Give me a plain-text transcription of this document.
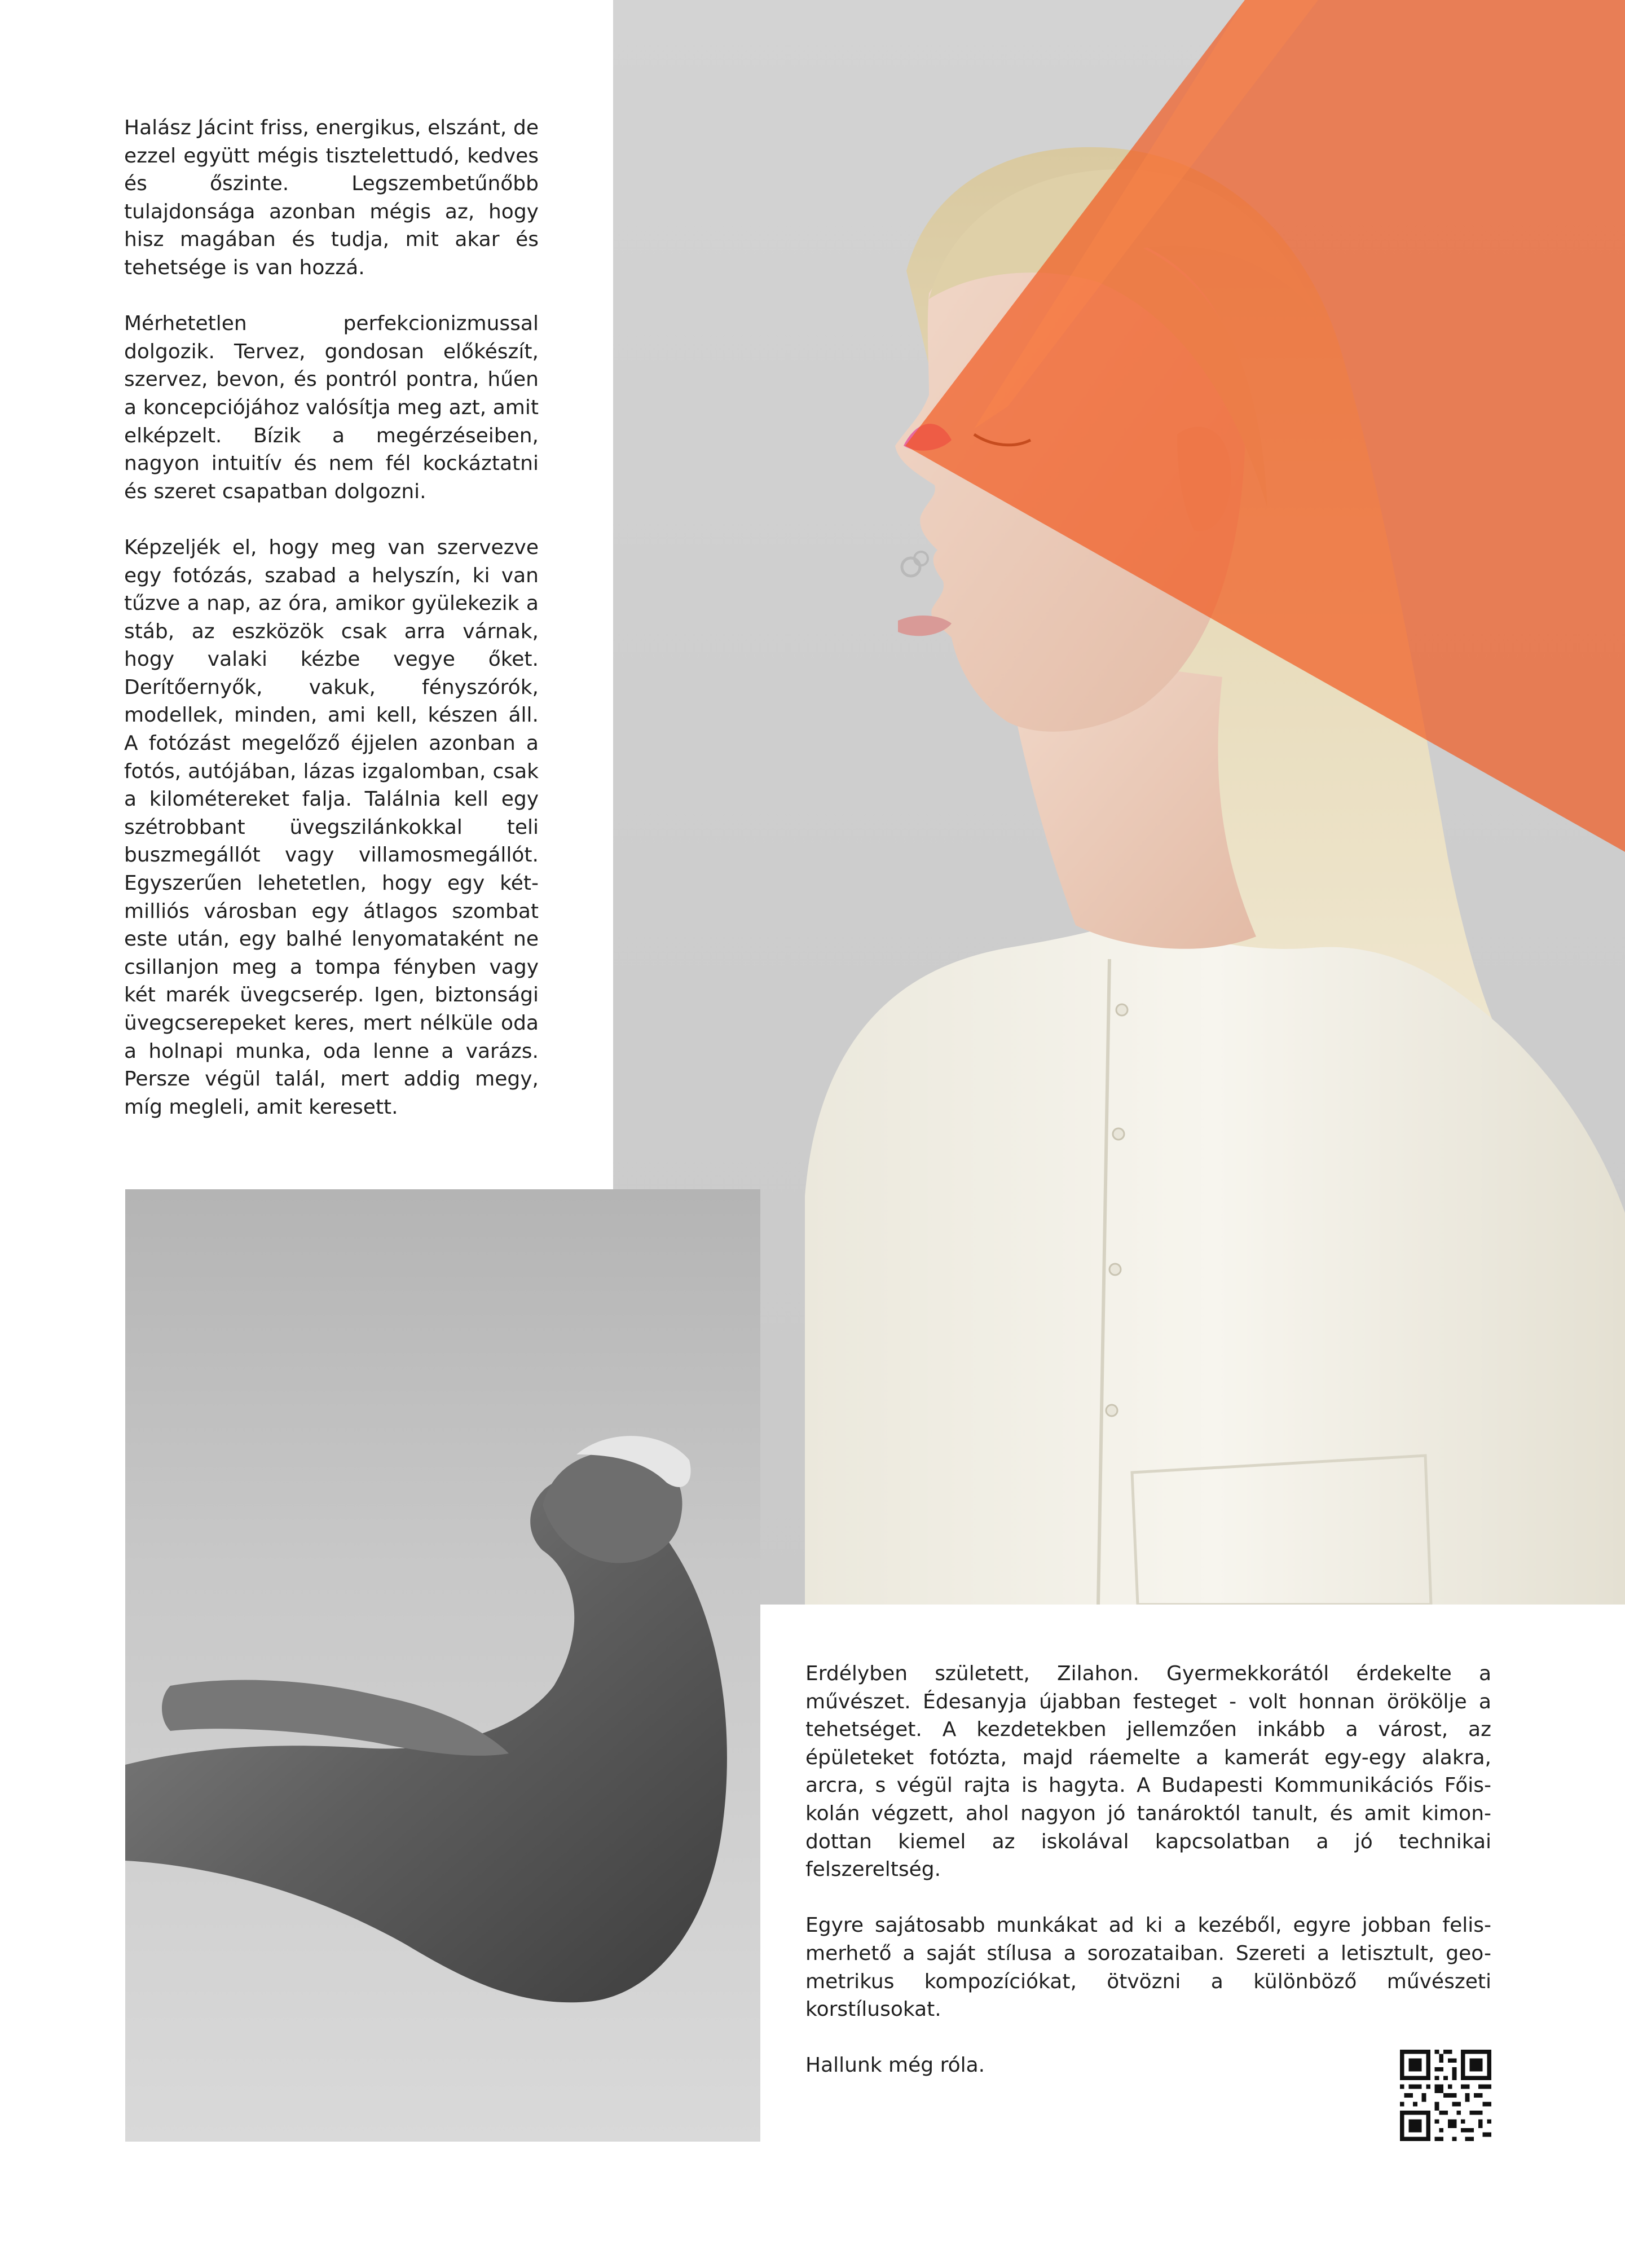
Halász Jácint friss, energikus, elszánt, de ezzel együtt mégis tisztelettudó, kedves és őszinte. Legszembetűnőbb tulajdonsága azonban mégis az, hogy hisz magában és tudja, mit akar és tehetsége is van hozzá.

Mérhetetlen perfekcionizmussal dolgozik. Tervez, gondosan előkészít, szervez, bevon, és pontról pontra, hűen a koncepciójához valósítja meg azt, amit elképzelt. Bízik a megérzéseiben, nagyon intuitív és nem fél kockáztatni és szeret csapatban dolgozni.

Képzeljék el, hogy meg van szervezve egy fotózás, szabad a helyszín, ki van tűzve a nap, az óra, amikor gyülekezik a stáb, az eszközök csak arra várnak, hogy valaki kézbe vegye őket. Derítőernyők, vakuk, fényszórók, modellek, minden, ami kell, készen áll. A fotózást megelőző éjjelen azonban a fotós, autójában, lázas izgalomban, csak a kilométereket falja. Találnia kell egy szétrobbant üvegszilánkokkal teli buszmegállót vagy villamosmegállót. Egyszerűen lehetetlen, hogy egy két-milliós városban egy átlagos szombat este után, egy balhé lenyomataként ne csillanjon meg a tompa fényben vagy két marék üvegcserép. Igen, biztonsági üvegcserepeket keres, mert nélküle oda a holnapi munka, oda lenne a varázs. Persze végül talál, mert addig megy, míg megleli, amit keresett.

Erdélyben született, Zilahon. Gyermekkorától érdekelte a művészet. Édesanyja újabban festeget - volt honnan örökölje a tehetséget. A kezdetekben jellemzően inkább a várost, az épületeket fotózta, majd ráemelte a kamerát egy-egy alakra, arcra, s végül rajta is hagyta. A Budapesti Kommunikációs Főis-kolán végzett, ahol nagyon jó tanároktól tanult, és amit kimon-dottan kiemel az iskolával kapcsolatban a jó technikai felszereltség.

Egyre sajátosabb munkákat ad ki a kezéből, egyre jobban felis-merhető a saját stílusa a sorozataiban. Szereti a letisztult, geo-metrikus kompozíciókat, ötvözni a különböző művészeti korstílusokat.

Hallunk még róla.
